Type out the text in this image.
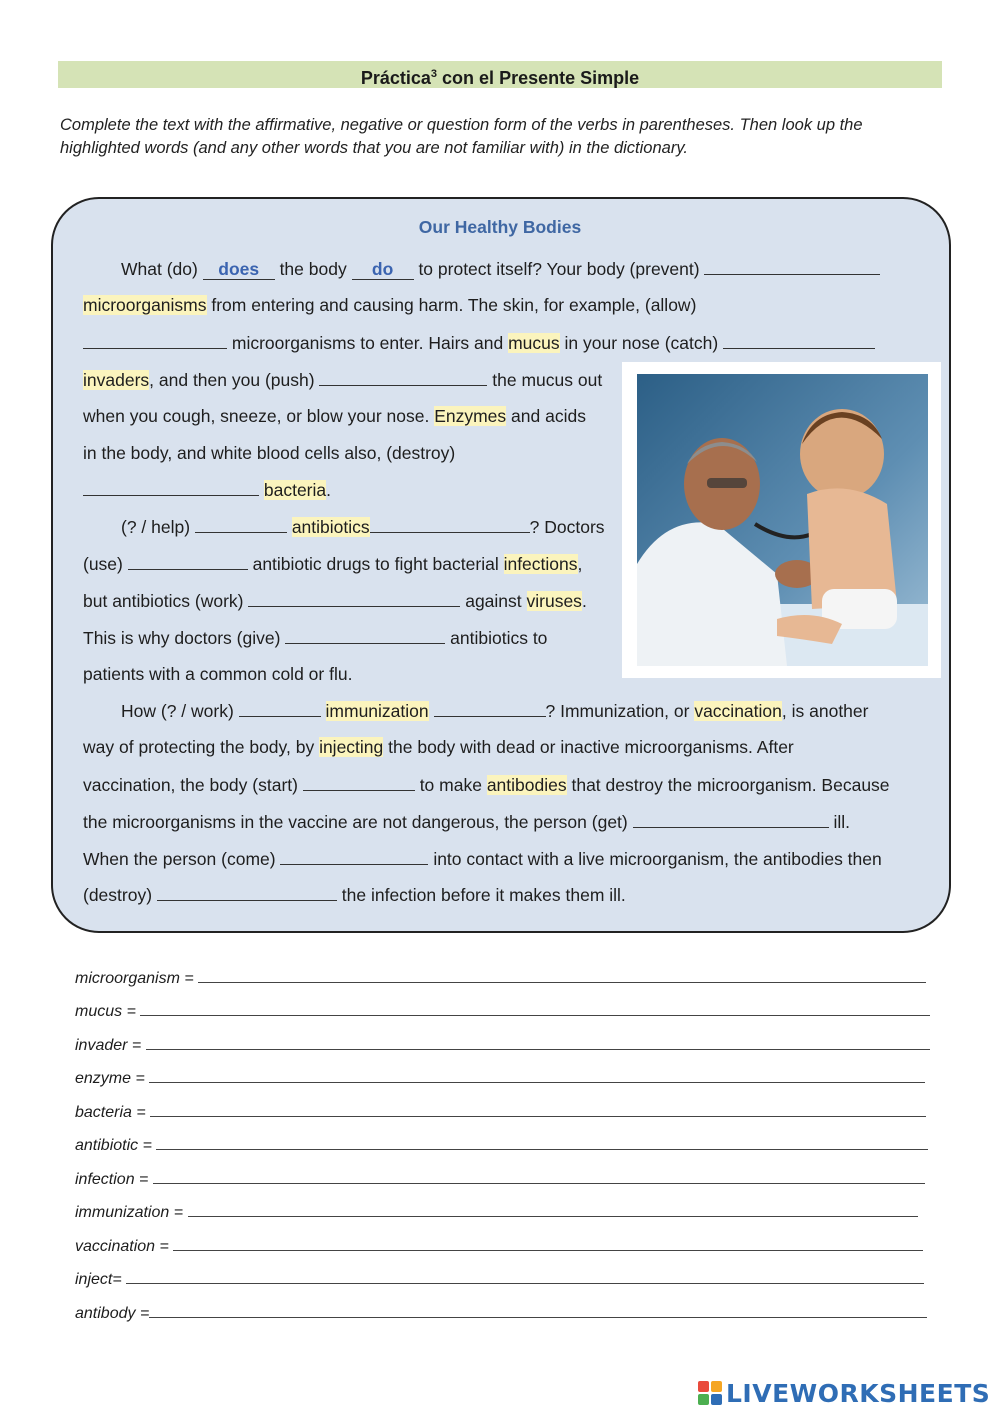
Práctica$^3$ con el Presente Simple
Complete the text with the affirmative, negative or question form of the verbs in parentheses. Then look up the highlighted words (and any other words that you are not familiar with) in the dictionary.
Our Healthy Bodies
What (do) does the body do to protect itself? Your body (prevent)
microorganisms from entering and causing harm. The skin, for example, (allow)
microorganisms to enter. Hairs and mucus in your nose (catch)
invaders, and then you (push)	the mucus out
when you cough, sneeze, or blow your nose. Enzymes and acids
in the body, and white blood cells also, (destroy)
bacteria.
(? / help)	antibiotics	? Doctors
(use)	antibiotic drugs to fight bacterial infections,
but antibiotics (work)	against viruses.
This is why doctors (give)	antibiotics to
patients with a common cold or flu.
How (? / work)	immunization	? Immunization, or vaccination, is another
way of protecting the body, by injecting the body with dead or inactive microorganisms. After
vaccination, the body (start)	to make antibodies that destroy the microorganism. Because
the microorganisms in the vaccine are not dangerous, the person (get)	ill.
When the person (come)	into contact with a live microorganism, the antibodies then
(destroy)	the infection before it makes them ill.
microorganism =
mucus =
invader =
enzyme =
bacteria =
antibiotic =
infection =
immunization =
vaccination =
inject=
antibody =
LIVEWORKSHEETS
